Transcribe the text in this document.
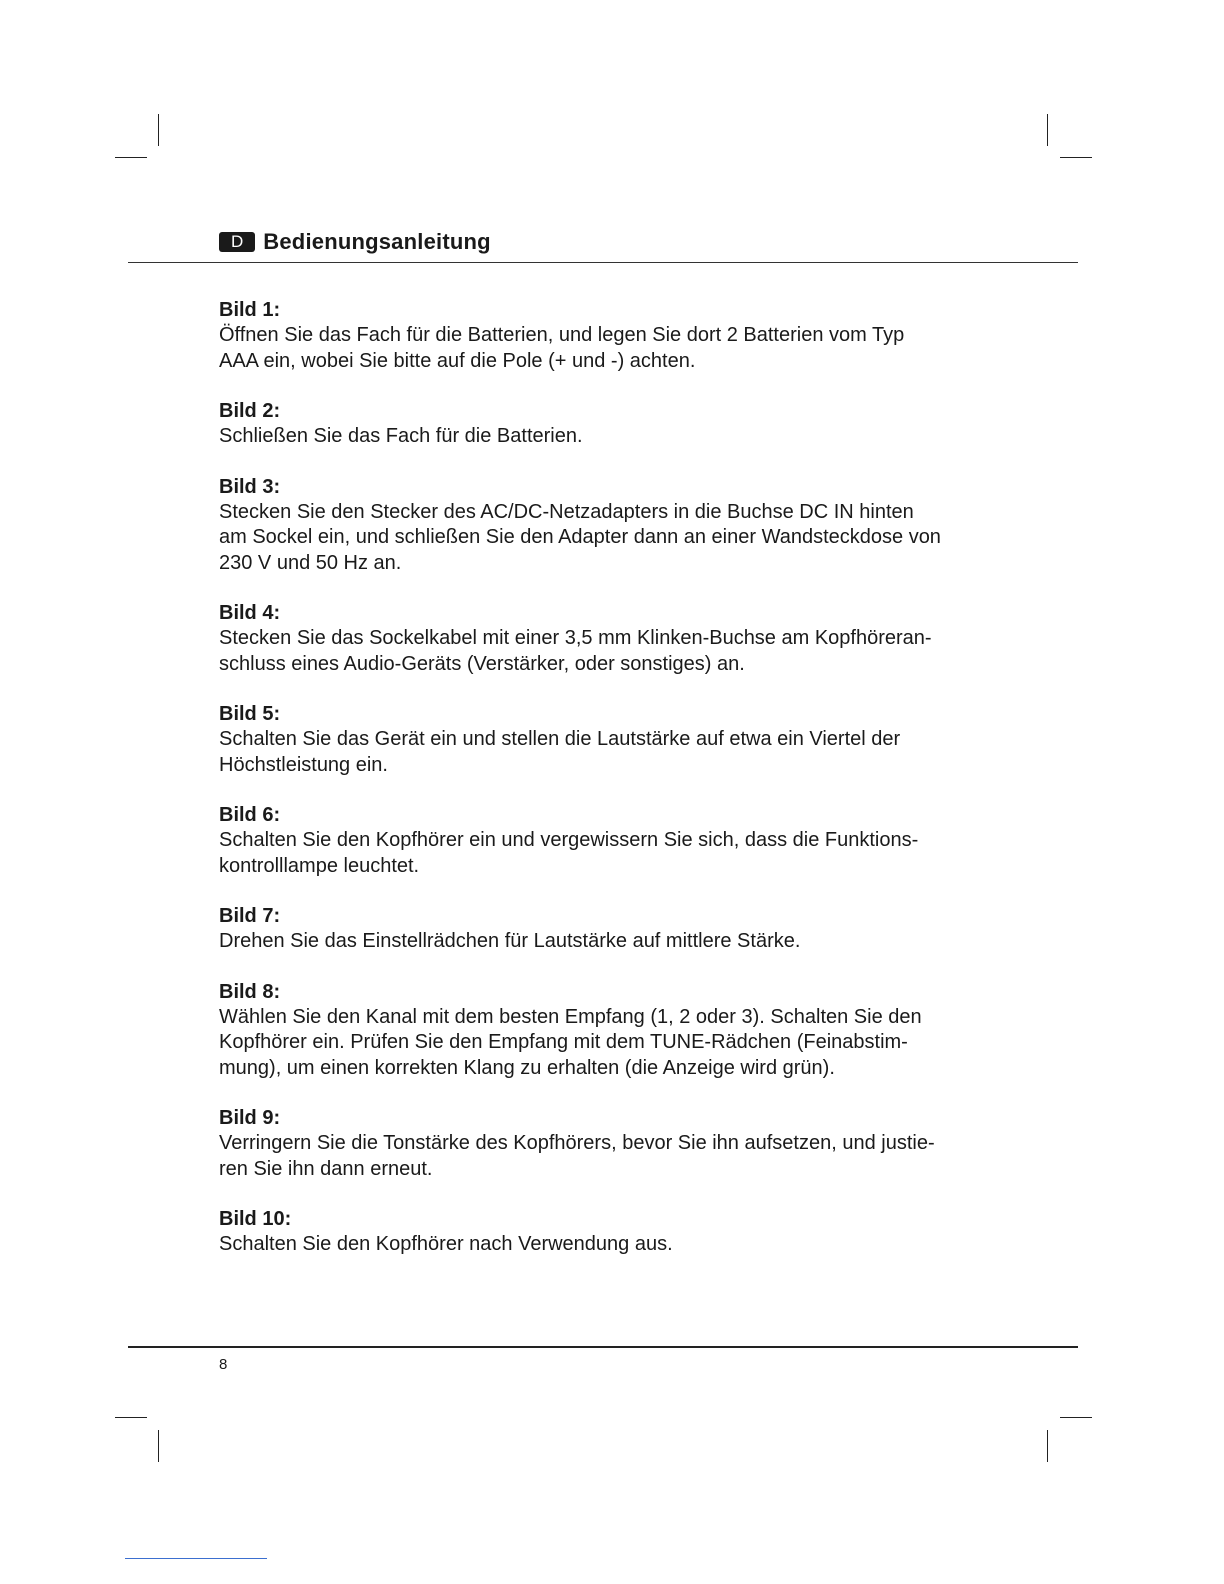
D Bedienungsanleitung
Bild 1:
Öffnen Sie das Fach für die Batterien, und legen Sie dort 2 Batterien vom Typ
AAA ein, wobei Sie bitte auf die Pole (+ und -) achten.
Bild 2:
Schließen Sie das Fach für die Batterien.
Bild 3:
Stecken Sie den Stecker des AC/DC-Netzadapters in die Buchse DC IN hinten
am Sockel ein, und schließen Sie den Adapter dann an einer Wandsteckdose von
230 V und 50 Hz an.
Bild 4:
Stecken Sie das Sockelkabel mit einer 3,5 mm Klinken-Buchse am Kopfhöreran-
schluss eines Audio-Geräts (Verstärker, oder sonstiges) an.
Bild 5:
Schalten Sie das Gerät ein und stellen die Lautstärke auf etwa ein Viertel der
Höchstleistung ein.
Bild 6:
Schalten Sie den Kopfhörer ein und vergewissern Sie sich, dass die Funktions-
kontrolllampe leuchtet.
Bild 7:
Drehen Sie das Einstellrädchen für Lautstärke auf mittlere Stärke.
Bild 8:
Wählen Sie den Kanal mit dem besten Empfang (1, 2 oder 3). Schalten Sie den
Kopfhörer ein. Prüfen Sie den Empfang mit dem TUNE-Rädchen (Feinabstim-
mung), um einen korrekten Klang zu erhalten (die Anzeige wird grün).
Bild 9:
Verringern Sie die Tonstärke des Kopfhörers, bevor Sie ihn aufsetzen, und justie-
ren Sie ihn dann erneut.
Bild 10:
Schalten Sie den Kopfhörer nach Verwendung aus.
8
